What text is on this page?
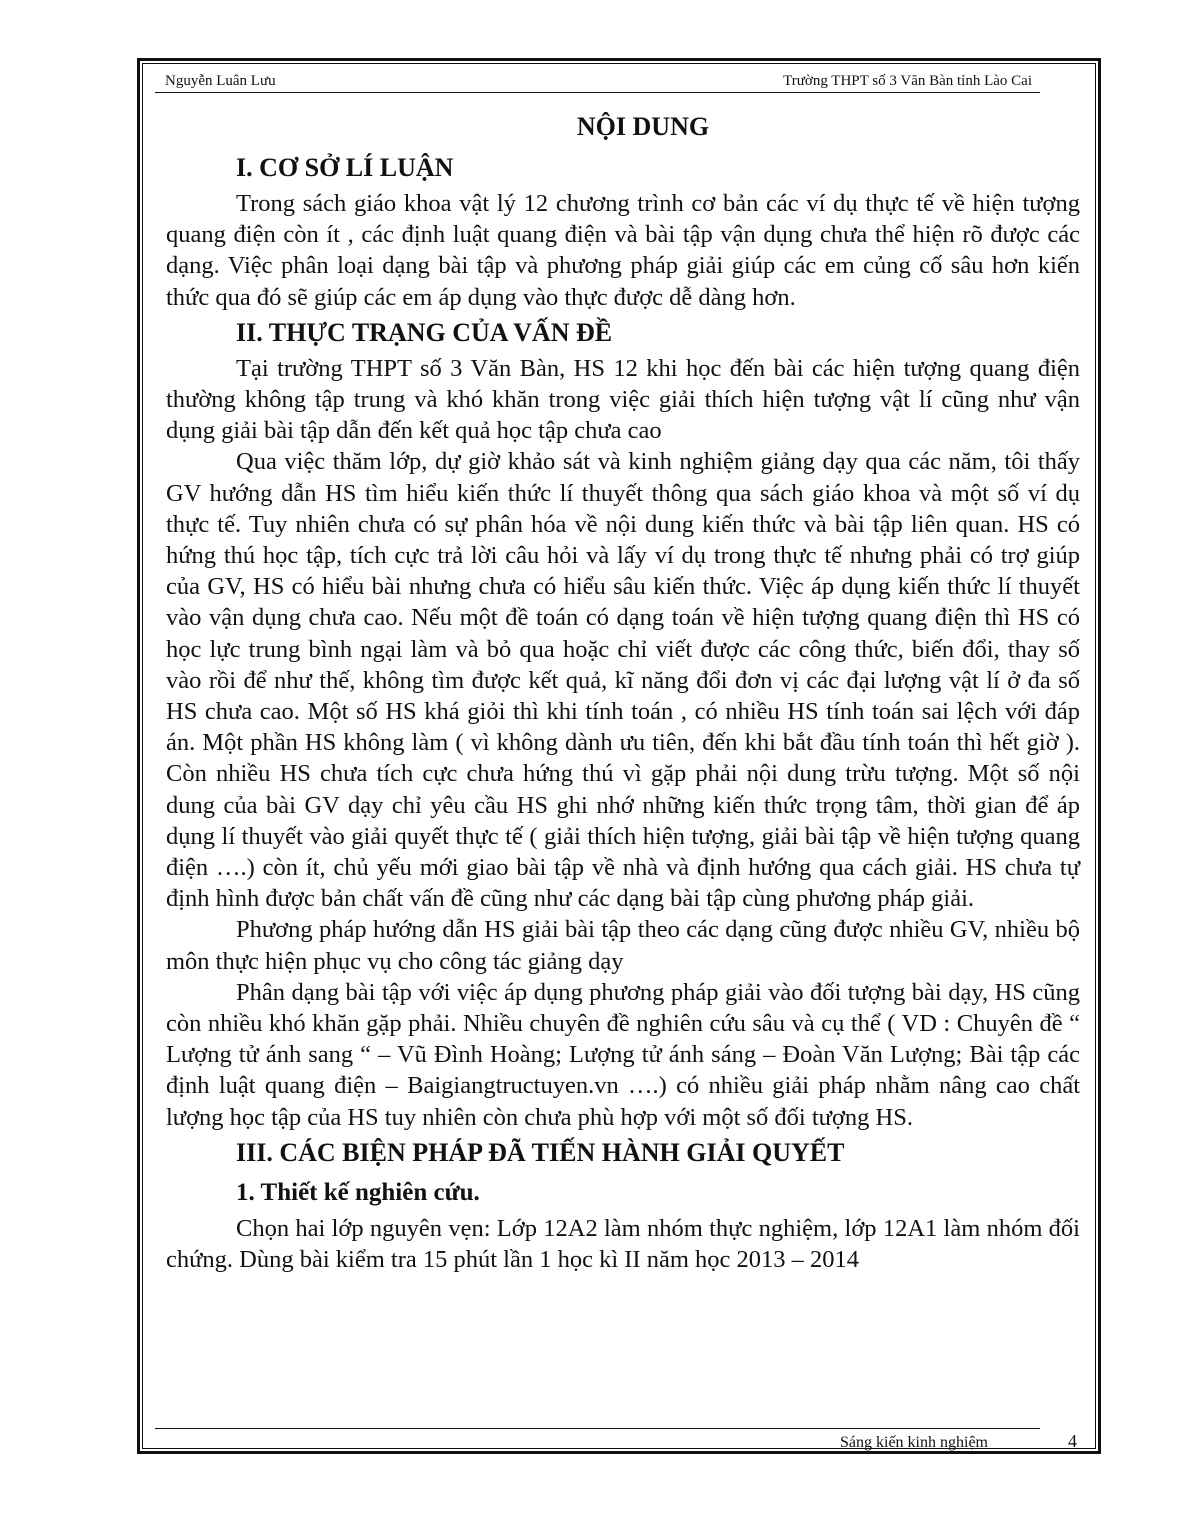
Nguyễn Luân Lưu	Trường THPT số 3 Văn Bàn tỉnh Lào Cai
NỘI DUNG
I. CƠ SỞ LÍ LUẬN

Trong sách giáo khoa vật lý 12 chương trình cơ bản các ví dụ thực tế về hiện tượng quang điện còn ít , các định luật quang điện và bài tập vận dụng chưa thể hiện rõ được các dạng. Việc phân loại dạng bài tập và phương pháp giải giúp các em củng cố sâu hơn kiến thức qua đó sẽ giúp các em áp dụng vào thực được dễ dàng hơn.

II. THỰC TRẠNG CỦA VẤN ĐỀ

Tại trường THPT số 3 Văn Bàn, HS 12 khi học đến bài các hiện tượng quang điện thường không tập trung và khó khăn trong việc giải thích hiện tượng vật lí cũng như vận dụng giải bài tập dẫn đến kết quả học tập chưa cao

Qua việc thăm lớp, dự giờ khảo sát và kinh nghiệm giảng dạy qua các năm, tôi thấy GV hướng dẫn HS tìm hiểu kiến thức lí thuyết thông qua sách giáo khoa và một số ví dụ thực tế. Tuy nhiên chưa có sự phân hóa về nội dung kiến thức và bài tập liên quan. HS có hứng thú học tập, tích cực trả lời câu hỏi và lấy ví dụ trong thực tế nhưng phải có trợ giúp của GV, HS có hiểu bài nhưng chưa có hiểu sâu kiến thức. Việc áp dụng kiến thức lí thuyết vào vận dụng chưa cao. Nếu một đề toán có dạng toán về hiện tượng quang điện thì HS có học lực trung bình ngại làm và bỏ qua hoặc chỉ viết được các công thức, biến đổi, thay số vào rồi để như thế, không tìm được kết quả, kĩ năng đổi đơn vị các đại lượng vật lí ở đa số HS chưa cao. Một số HS khá giỏi thì khi tính toán , có nhiều HS tính toán sai lệch với đáp án. Một phần HS không làm ( vì không dành ưu tiên, đến khi bắt đầu tính toán thì hết giờ ). Còn nhiều HS chưa tích cực chưa hứng thú vì gặp phải nội dung trừu tượng. Một số nội dung của bài GV dạy chỉ yêu cầu HS ghi nhớ những kiến thức trọng tâm, thời gian để áp dụng lí thuyết vào giải quyết thực tế ( giải thích hiện tượng, giải bài tập về hiện tượng quang điện ….) còn ít, chủ yếu mới giao bài tập về nhà và định hướng qua cách giải. HS chưa tự định hình được bản chất vấn đề cũng như các dạng bài tập cùng phương pháp giải.

Phương pháp hướng dẫn HS giải bài tập theo các dạng cũng được nhiều GV, nhiều bộ môn thực hiện phục vụ cho công tác giảng dạy

Phân dạng bài tập với việc áp dụng phương pháp giải vào đối tượng bài dạy, HS cũng còn nhiều khó khăn gặp phải. Nhiều chuyên đề nghiên cứu sâu và cụ thể ( VD : Chuyên đề “ Lượng tử ánh sang “ – Vũ Đình Hoàng; Lượng tử ánh sáng – Đoàn Văn Lượng; Bài tập các định luật quang điện – Baigiangtructuyen.vn ….) có nhiều giải pháp nhằm nâng cao chất lượng học tập của HS tuy nhiên còn chưa phù hợp với một số đối tượng HS.

III. CÁC BIỆN PHÁP ĐÃ TIẾN HÀNH GIẢI QUYẾT
1. Thiết kế nghiên cứu.

Chọn hai lớp nguyên vẹn: Lớp 12A2 làm nhóm thực nghiệm, lớp 12A1 làm nhóm đối chứng. Dùng bài kiểm tra 15 phút lần 1 học kì II năm học 2013 – 2014

Sáng kiến kinh nghiệm	4
